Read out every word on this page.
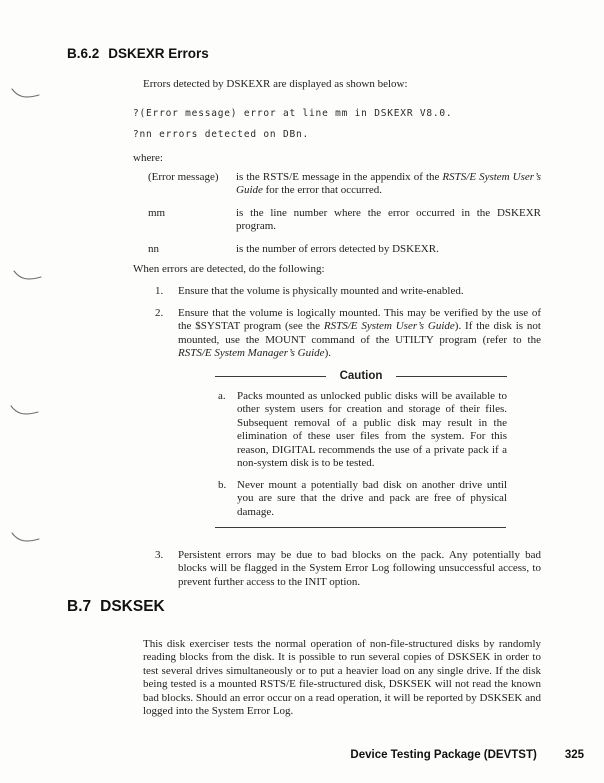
B.6.2 DSKEXR Errors
Errors detected by DSKEXR are displayed as shown below:
?(Error message) error at line mm in DSKEXR V8.0.
?nn errors detected on DBn.
where:
(Error message)	is the RSTS/E message in the appendix of the RSTS/E System User’s Guide for the error that occurred.
mm	is the line number where the error occurred in the DSKEXR program.
nn	is the number of errors detected by DSKEXR.
When errors are detected, do the following:
1.	Ensure that the volume is physically mounted and write-enabled.
2.	Ensure that the volume is logically mounted. This may be verified by the use of the $SYSTAT program (see the RSTS/E System User’s Guide). If the disk is not mounted, use the MOUNT command of the UTILTY program (refer to the RSTS/E System Manager’s Guide).
Caution
a.	Packs mounted as unlocked public disks will be available to other system users for creation and storage of their files. Subsequent removal of a public disk may result in the elimination of these user files from the system. For this reason, DIGITAL recommends the use of a private pack if a non-system disk is to be tested.
b. Never mount a potentially bad disk on another drive until you are sure that the drive and pack are free of physical damage.
3.	Persistent errors may be due to bad blocks on the pack. Any potentially bad blocks will be flagged in the System Error Log following unsuccessful access, to prevent further access to the INIT option.
B.7 DSKSEK
This disk exerciser tests the normal operation of non-file-structured disks by randomly reading blocks from the disk. It is possible to run several copies of DSKSEK in order to test several drives simultaneously or to put a heavier load on any single drive. If the disk being tested is a mounted RSTS/E file-structured disk, DSKSEK will not read the known bad blocks. Should an error occur on a read operation, it will be reported by DSKSEK and logged into the System Error Log.
Device Testing Package (DEVTST) 325
